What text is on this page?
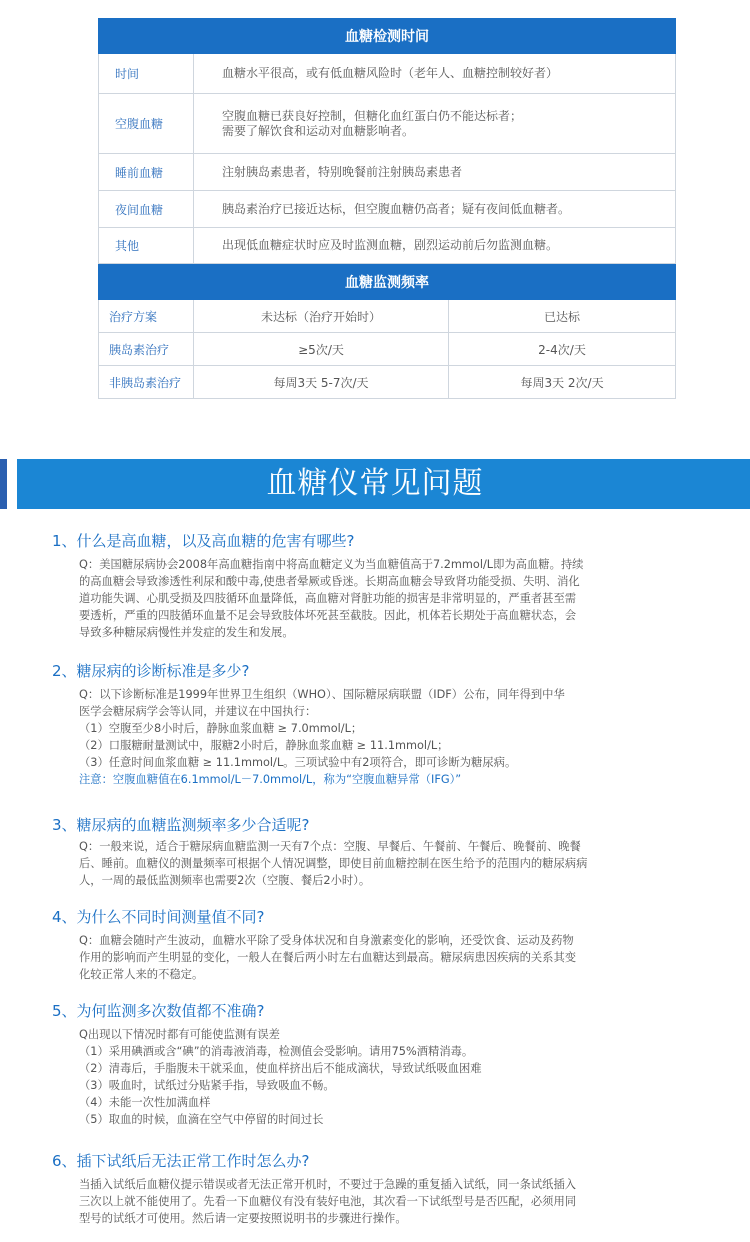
血糖检测时间	
时间	血糖水平很高，或有低血糖风险时（老年人、血糖控制较好者）
空腹血糖	空腹血糖已获良好控制，但糖化血红蛋白仍不能达标者；
需要了解饮食和运动对血糖影响者。

睡前血糖	注射胰岛素患者，特别晚餐前注射胰岛素患者
夜间血糖	胰岛素治疗已接近达标，但空腹血糖仍高者；疑有夜间低血糖者。
其他	出现低血糖症状时应及时监测血糖，剧烈运动前后勿监测血糖。
血糖监测频率		
治疗方案	未达标（治疗开始时）	已达标
胰岛素治疗	≥5次/天	2-4次/天
非胰岛素治疗	每周3天 5-7次/天	每周3天 2次/天
血糖仪常见问题
1、什么是高血糖，以及高血糖的危害有哪些?

Q：美国糖尿病协会2008年高血糖指南中将高血糖定义为当血糖值高于7.2mmol/L即为高血糖。持续

的高血糖会导致渗透性利尿和酸中毒,使患者晕厥或昏迷。长期高血糖会导致肾功能受损、失明、消化

道功能失调、心肌受损及四肢循环血量降低，高血糖对肾脏功能的损害是非常明显的，严重者甚至需

要透析，严重的四肢循环血量不足会导致肢体坏死甚至截肢。因此，机体若长期处于高血糖状态，会

导致多种糖尿病慢性并发症的发生和发展。

2、糖尿病的诊断标准是多少?

Q：以下诊断标准是1999年世界卫生组织（WHO）、国际糖尿病联盟（IDF）公布，同年得到中华

医学会糖尿病学会等认同，并建议在中国执行：

（1）空腹至少8小时后，静脉血浆血糖 ≥ 7.0mmol/L；

（2）口服糖耐量测试中，服糖2小时后，静脉血浆血糖 ≥ 11.1mmol/L；

（3）任意时间血浆血糖 ≥ 11.1mmol/L。三项试验中有2项符合，即可诊断为糖尿病。

注意：空腹血糖值在6.1mmol/L－7.0mmol/L，称为“空腹血糖异常（IFG）”

3、糖尿病的血糖监测频率多少合适呢?

Q：一般来说，适合于糖尿病血糖监测一天有7个点：空腹、早餐后、午餐前、午餐后、晚餐前、晚餐

后、睡前。血糖仪的测量频率可根据个人情况调整，即使目前血糖控制在医生给予的范围内的糖尿病病

人，一周的最低监测频率也需要2次（空腹、餐后2小时）。

4、为什么不同时间测量值不同?

Q：血糖会随时产生波动，血糖水平除了受身体状况和自身激素变化的影响，还受饮食、运动及药物

作用的影响而产生明显的变化，一般人在餐后两小时左右血糖达到最高。糖尿病患因疾病的关系其变

化较正常人来的不稳定。

5、为何监测多次数值都不准确?

Q出现以下情况时都有可能使监测有误差

（1）采用碘酒或含“碘”的消毒液消毒，检测值会受影响。请用75%酒精消毒。

（2）清毒后，手脂腹未干就采血，使血样挤出后不能成滴状，导致试纸吸血困难

（3）吸血时，试纸过分贴紧手指，导致吸血不畅。

（4）未能一次性加满血样

（5）取血的时候，血滴在空气中停留的时间过长

6、插下试纸后无法正常工作时怎么办?

当插入试纸后血糖仪提示错误或者无法正常开机时，不要过于急躁的重复插入试纸，同一条试纸插入

三次以上就不能使用了。先看一下血糖仪有没有装好电池，其次看一下试纸型号是否匹配，必须用同

型号的试纸才可使用。然后请一定要按照说明书的步骤进行操作。
